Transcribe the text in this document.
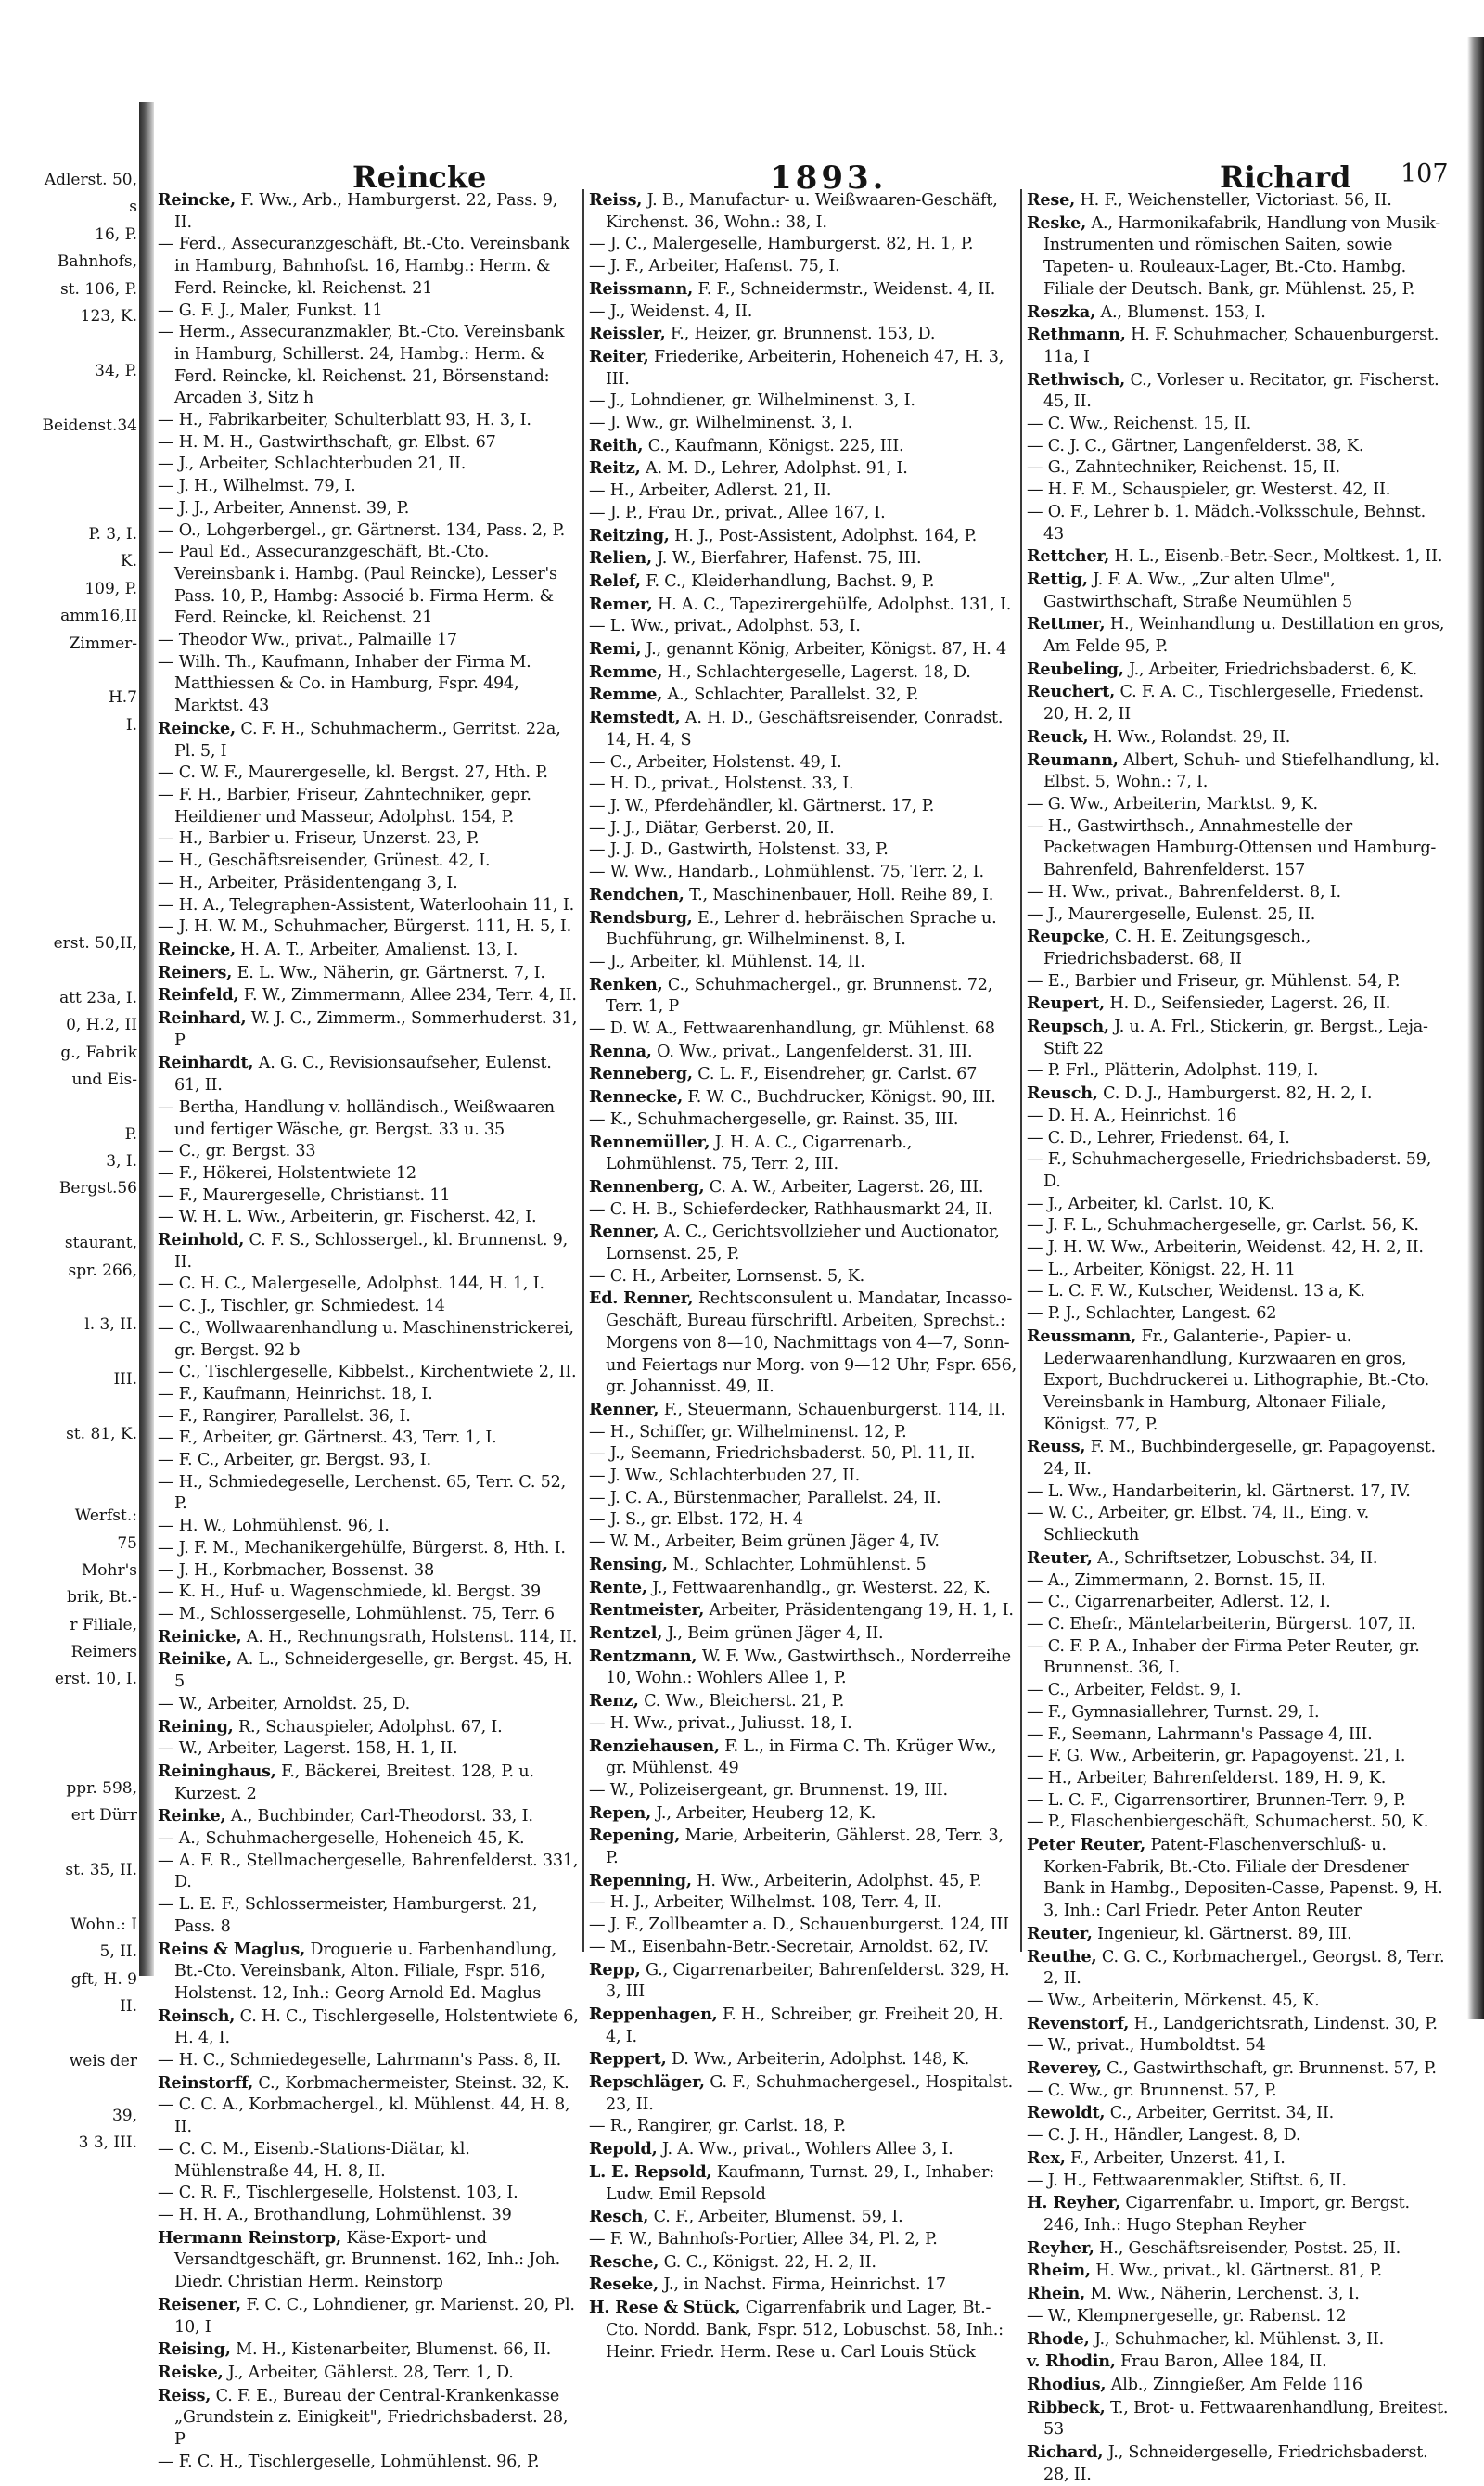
Adlerst. 50,
s
16, P.
Bahnhofs,
st. 106, P.
123, K.
34, P.
Beidenst.34
P. 3, I.
K.
109, P.
amm16,II
Zimmer-
H.7
I.
erst. 50,II,
att 23a, I.
0, H.2, II
g., Fabrik
und Eis-
P.
3, I.
Bergst.56
staurant,
spr. 266,
l. 3, II.
III.
st. 81, K.
Werfst.:
75
Mohr's
brik, Bt.-
r Filiale,
Reimers
erst. 10, I.
ppr. 598,
ert Dürr
st. 35, II.
Wohn.: I
5, II.
gft, H. 9
II.
weis der
39,
3 3, III.
Reincke	1893.	Richard 107
Reincke, F. Ww., Arb., Hamburgerst. 22, Pass. 9, II.
— Ferd., Assecuranzgeschäft, Bt.-Cto. Vereinsbank in Hamburg, Bahnhofst. 16, Hambg.: Herm. & Ferd. Reincke, kl. Reichenst. 21
— G. F. J., Maler, Funkst. 11
— Herm., Assecuranzmakler, Bt.-Cto. Vereinsbank in Hamburg, Schillerst. 24, Hambg.: Herm. & Ferd. Reincke, kl. Reichenst. 21, Börsenstand: Arcaden 3, Sitz h
— H., Fabrikarbeiter, Schulterblatt 93, H. 3, I.
— H. M. H., Gastwirthschaft, gr. Elbst. 67
— J., Arbeiter, Schlachterbuden 21, II.
— J. H., Wilhelmst. 79, I.
— J. J., Arbeiter, Annenst. 39, P.
— O., Lohgerbergel., gr. Gärtnerst. 134, Pass. 2, P.
— Paul Ed., Assecuranzgeschäft, Bt.-Cto. Vereinsbank i. Hambg. (Paul Reincke), Lesser's Pass. 10, P., Hambg: Associé b. Firma Herm. & Ferd. Reincke, kl. Reichenst. 21
— Theodor Ww., privat., Palmaille 17
— Wilh. Th., Kaufmann, Inhaber der Firma M. Matthiessen & Co. in Hamburg, Fspr. 494, Marktst. 43
Reincke, C. F. H., Schuhmacherm., Gerritst. 22a, Pl. 5, I
— C. W. F., Maurergeselle, kl. Bergst. 27, Hth. P.
— F. H., Barbier, Friseur, Zahntechniker, gepr. Heildiener und Masseur, Adolphst. 154, P.
— H., Barbier u. Friseur, Unzerst. 23, P.
— H., Geschäftsreisender, Grünest. 42, I.
— H., Arbeiter, Präsidentengang 3, I.
— H. A., Telegraphen-Assistent, Waterloohain 11, I.
— J. H. W. M., Schuhmacher, Bürgerst. 111, H. 5, I.
Reincke, H. A. T., Arbeiter, Amalienst. 13, I.
Reiners, E. L. Ww., Näherin, gr. Gärtnerst. 7, I.
Reinfeld, F. W., Zimmermann, Allee 234, Terr. 4, II.
Reinhard, W. J. C., Zimmerm., Sommerhuderst. 31, P
Reinhardt, A. G. C., Revisionsaufseher, Eulenst. 61, II.
— Bertha, Handlung v. holländisch., Weißwaaren und fertiger Wäsche, gr. Bergst. 33 u. 35
— C., gr. Bergst. 33
— F., Hökerei, Holstentwiete 12
— F., Maurergeselle, Christianst. 11
— W. H. L. Ww., Arbeiterin, gr. Fischerst. 42, I.
Reinhold, C. F. S., Schlossergel., kl. Brunnenst. 9, II.
— C. H. C., Malergeselle, Adolphst. 144, H. 1, I.
— C. J., Tischler, gr. Schmiedest. 14
— C., Wollwaarenhandlung u. Maschinenstrickerei, gr. Bergst. 92 b
— C., Tischlergeselle, Kibbelst., Kirchentwiete 2, II.
— F., Kaufmann, Heinrichst. 18, I.
— F., Rangirer, Parallelst. 36, I.
— F., Arbeiter, gr. Gärtnerst. 43, Terr. 1, I.
— F. C., Arbeiter, gr. Bergst. 93, I.
— H., Schmiedegeselle, Lerchenst. 65, Terr. C. 52, P.
— H. W., Lohmühlenst. 96, I.
— J. F. M., Mechanikergehülfe, Bürgerst. 8, Hth. I.
— J. H., Korbmacher, Bossenst. 38
— K. H., Huf- u. Wagenschmiede, kl. Bergst. 39
— M., Schlossergeselle, Lohmühlenst. 75, Terr. 6
Reinicke, A. H., Rechnungsrath, Holstenst. 114, II.
Reinike, A. L., Schneidergeselle, gr. Bergst. 45, H. 5
— W., Arbeiter, Arnoldst. 25, D.
Reining, R., Schauspieler, Adolphst. 67, I.
— W., Arbeiter, Lagerst. 158, H. 1, II.
Reininghaus, F., Bäckerei, Breitest. 128, P. u. Kurzest. 2
Reinke, A., Buchbinder, Carl-Theodorst. 33, I.
— A., Schuhmachergeselle, Hoheneich 45, K.
— A. F. R., Stellmachergeselle, Bahrenfelderst. 331, D.
— L. E. F., Schlossermeister, Hamburgerst. 21, Pass. 8
Reins & Maglus, Droguerie u. Farbenhandlung, Bt.-Cto. Vereinsbank, Alton. Filiale, Fspr. 516, Holstenst. 12, Inh.: Georg Arnold Ed. Maglus
Reinsch, C. H. C., Tischlergeselle, Holstentwiete 6, H. 4, I.
— H. C., Schmiedegeselle, Lahrmann's Pass. 8, II.
Reinstorff, C., Korbmachermeister, Steinst. 32, K.
— C. C. A., Korbmachergel., kl. Mühlenst. 44, H. 8, II.
— C. C. M., Eisenb.-Stations-Diätar, kl. Mühlenstraße 44, H. 8, II.
— C. R. F., Tischlergeselle, Holstenst. 103, I.
— H. H. A., Brothandlung, Lohmühlenst. 39
Hermann Reinstorp, Käse-Export- und Versandtgeschäft, gr. Brunnenst. 162, Inh.: Joh. Diedr. Christian Herm. Reinstorp
Reisener, F. C. C., Lohndiener, gr. Marienst. 20, Pl. 10, I
Reising, M. H., Kistenarbeiter, Blumenst. 66, II.
Reiske, J., Arbeiter, Gählerst. 28, Terr. 1, D.
Reiss, C. F. E., Bureau der Central-Krankenkasse „Grundstein z. Einigkeit", Friedrichsbaderst. 28, P
— F. C. H., Tischlergeselle, Lohmühlenst. 96, P.
Reiss, J. B., Manufactur- u. Weißwaaren-Geschäft, Kirchenst. 36, Wohn.: 38, I.
— J. C., Malergeselle, Hamburgerst. 82, H. 1, P.
— J. F., Arbeiter, Hafenst. 75, I.
Reissmann, F. F., Schneidermstr., Weidenst. 4, II.
— J., Weidenst. 4, II.
Reissler, F., Heizer, gr. Brunnenst. 153, D.
Reiter, Friederike, Arbeiterin, Hoheneich 47, H. 3, III.
— J., Lohndiener, gr. Wilhelminenst. 3, I.
— J. Ww., gr. Wilhelminenst. 3, I.
Reith, C., Kaufmann, Königst. 225, III.
Reitz, A. M. D., Lehrer, Adolphst. 91, I.
— H., Arbeiter, Adlerst. 21, II.
— J. P., Frau Dr., privat., Allee 167, I.
Reitzing, H. J., Post-Assistent, Adolphst. 164, P.
Relien, J. W., Bierfahrer, Hafenst. 75, III.
Relef, F. C., Kleiderhandlung, Bachst. 9, P.
Remer, H. A. C., Tapezirergehülfe, Adolphst. 131, I.
— L. Ww., privat., Adolphst. 53, I.
Remi, J., genannt König, Arbeiter, Königst. 87, H. 4
Remme, H., Schlachtergeselle, Lagerst. 18, D.
Remme, A., Schlachter, Parallelst. 32, P.
Remstedt, A. H. D., Geschäftsreisender, Conradst. 14, H. 4, S
— C., Arbeiter, Holstenst. 49, I.
— H. D., privat., Holstenst. 33, I.
— J. W., Pferdehändler, kl. Gärtnerst. 17, P.
— J. J., Diätar, Gerberst. 20, II.
— J. J. D., Gastwirth, Holstenst. 33, P.
— W. Ww., Handarb., Lohmühlenst. 75, Terr. 2, I.
Rendchen, T., Maschinenbauer, Holl. Reihe 89, I.
Rendsburg, E., Lehrer d. hebräischen Sprache u. Buchführung, gr. Wilhelminenst. 8, I.
— J., Arbeiter, kl. Mühlenst. 14, II.
Renken, C., Schuhmachergel., gr. Brunnenst. 72, Terr. 1, P
— D. W. A., Fettwaarenhandlung, gr. Mühlenst. 68
Renna, O. Ww., privat., Langenfelderst. 31, III.
Renneberg, C. L. F., Eisendreher, gr. Carlst. 67
Rennecke, F. W. C., Buchdrucker, Königst. 90, III.
— K., Schuhmachergeselle, gr. Rainst. 35, III.
Rennemüller, J. H. A. C., Cigarrenarb., Lohmühlenst. 75, Terr. 2, III.
Rennenberg, C. A. W., Arbeiter, Lagerst. 26, III.
— C. H. B., Schieferdecker, Rathhausmarkt 24, II.
Renner, A. C., Gerichtsvollzieher und Auctionator, Lornsenst. 25, P.
— C. H., Arbeiter, Lornsenst. 5, K.
Ed. Renner, Rechtsconsulent u. Mandatar, Incasso-Geschäft, Bureau fürschriftl. Arbeiten, Sprechst.: Morgens von 8—10, Nachmittags von 4—7, Sonn- und Feiertags nur Morg. von 9—12 Uhr, Fspr. 656, gr. Johannisst. 49, II.
Renner, F., Steuermann, Schauenburgerst. 114, II.
— H., Schiffer, gr. Wilhelminenst. 12, P.
— J., Seemann, Friedrichsbaderst. 50, Pl. 11, II.
— J. Ww., Schlachterbuden 27, II.
— J. C. A., Bürstenmacher, Parallelst. 24, II.
— J. S., gr. Elbst. 172, H. 4
— W. M., Arbeiter, Beim grünen Jäger 4, IV.
Rensing, M., Schlachter, Lohmühlenst. 5
Rente, J., Fettwaarenhandlg., gr. Westerst. 22, K.
Rentmeister, Arbeiter, Präsidentengang 19, H. 1, I.
Rentzel, J., Beim grünen Jäger 4, II.
Rentzmann, W. F. Ww., Gastwirthsch., Norderreihe 10, Wohn.: Wohlers Allee 1, P.
Renz, C. Ww., Bleicherst. 21, P.
— H. Ww., privat., Juliusst. 18, I.
Renziehausen, F. L., in Firma C. Th. Krüger Ww., gr. Mühlenst. 49
— W., Polizeisergeant, gr. Brunnenst. 19, III.
Repen, J., Arbeiter, Heuberg 12, K.
Repening, Marie, Arbeiterin, Gählerst. 28, Terr. 3, P.
Repenning, H. Ww., Arbeiterin, Adolphst. 45, P.
— H. J., Arbeiter, Wilhelmst. 108, Terr. 4, II.
— J. F., Zollbeamter a. D., Schauenburgerst. 124, III
— M., Eisenbahn-Betr.-Secretair, Arnoldst. 62, IV.
Repp, G., Cigarrenarbeiter, Bahrenfelderst. 329, H. 3, III
Reppenhagen, F. H., Schreiber, gr. Freiheit 20, H. 4, I.
Reppert, D. Ww., Arbeiterin, Adolphst. 148, K.
Repschläger, G. F., Schuhmachergesel., Hospitalst. 23, II.
— R., Rangirer, gr. Carlst. 18, P.
Repold, J. A. Ww., privat., Wohlers Allee 3, I.
L. E. Repsold, Kaufmann, Turnst. 29, I., Inhaber: Ludw. Emil Repsold
Resch, C. F., Arbeiter, Blumenst. 59, I.
— F. W., Bahnhofs-Portier, Allee 34, Pl. 2, P.
Resche, G. C., Königst. 22, H. 2, II.
Reseke, J., in Nachst. Firma, Heinrichst. 17
H. Rese & Stück, Cigarrenfabrik und Lager, Bt.-Cto. Nordd. Bank, Fspr. 512, Lobuschst. 58, Inh.: Heinr. Friedr. Herm. Rese u. Carl Louis Stück
Rese, H. F., Weichensteller, Victoriast. 56, II.
Reske, A., Harmonikafabrik, Handlung von Musik-Instrumenten und römischen Saiten, sowie Tapeten- u. Rouleaux-Lager, Bt.-Cto. Hambg. Filiale der Deutsch. Bank, gr. Mühlenst. 25, P.
Reszka, A., Blumenst. 153, I.
Rethmann, H. F. Schuhmacher, Schauenburgerst. 11a, I
Rethwisch, C., Vorleser u. Recitator, gr. Fischerst. 45, II.
— C. Ww., Reichenst. 15, II.
— C. J. C., Gärtner, Langenfelderst. 38, K.
— G., Zahntechniker, Reichenst. 15, II.
— H. F. M., Schauspieler, gr. Westerst. 42, II.
— O. F., Lehrer b. 1. Mädch.-Volksschule, Behnst. 43
Rettcher, H. L., Eisenb.-Betr.-Secr., Moltkest. 1, II.
Rettig, J. F. A. Ww., „Zur alten Ulme", Gastwirthschaft, Straße Neumühlen 5
Rettmer, H., Weinhandlung u. Destillation en gros, Am Felde 95, P.
Reubeling, J., Arbeiter, Friedrichsbaderst. 6, K.
Reuchert, C. F. A. C., Tischlergeselle, Friedenst. 20, H. 2, II
Reuck, H. Ww., Rolandst. 29, II.
Reumann, Albert, Schuh- und Stiefelhandlung, kl. Elbst. 5, Wohn.: 7, I.
— G. Ww., Arbeiterin, Marktst. 9, K.
— H., Gastwirthsch., Annahmestelle der Packetwagen Hamburg-Ottensen und Hamburg-Bahrenfeld, Bahrenfelderst. 157
— H. Ww., privat., Bahrenfelderst. 8, I.
— J., Maurergeselle, Eulenst. 25, II.
Reupcke, C. H. E. Zeitungsgesch., Friedrichsbaderst. 68, II
— E., Barbier und Friseur, gr. Mühlenst. 54, P.
Reupert, H. D., Seifensieder, Lagerst. 26, II.
Reupsch, J. u. A. Frl., Stickerin, gr. Bergst., Leja-Stift 22
— P. Frl., Plätterin, Adolphst. 119, I.
Reusch, C. D. J., Hamburgerst. 82, H. 2, I.
— D. H. A., Heinrichst. 16
— C. D., Lehrer, Friedenst. 64, I.
— F., Schuhmachergeselle, Friedrichsbaderst. 59, D.
— J., Arbeiter, kl. Carlst. 10, K.
— J. F. L., Schuhmachergeselle, gr. Carlst. 56, K.
— J. H. W. Ww., Arbeiterin, Weidenst. 42, H. 2, II.
— L., Arbeiter, Königst. 22, H. 11
— L. C. F. W., Kutscher, Weidenst. 13 a, K.
— P. J., Schlachter, Langest. 62
Reussmann, Fr., Galanterie-, Papier- u. Lederwaarenhandlung, Kurzwaaren en gros, Export, Buchdruckerei u. Lithographie, Bt.-Cto. Vereinsbank in Hamburg, Altonaer Filiale, Königst. 77, P.
Reuss, F. M., Buchbindergeselle, gr. Papagoyenst. 24, II.
— L. Ww., Handarbeiterin, kl. Gärtnerst. 17, IV.
— W. C., Arbeiter, gr. Elbst. 74, II., Eing. v. Schlieckuth
Reuter, A., Schriftsetzer, Lobuschst. 34, II.
— A., Zimmermann, 2. Bornst. 15, II.
— C., Cigarrenarbeiter, Adlerst. 12, I.
— C. Ehefr., Mäntelarbeiterin, Bürgerst. 107, II.
— C. F. P. A., Inhaber der Firma Peter Reuter, gr. Brunnenst. 36, I.
— C., Arbeiter, Feldst. 9, I.
— F., Gymnasiallehrer, Turnst. 29, I.
— F., Seemann, Lahrmann's Passage 4, III.
— F. G. Ww., Arbeiterin, gr. Papagoyenst. 21, I.
— H., Arbeiter, Bahrenfelderst. 189, H. 9, K.
— L. C. F., Cigarrensortirer, Brunnen-Terr. 9, P.
— P., Flaschenbiergeschäft, Schumacherst. 50, K.
Peter Reuter, Patent-Flaschenverschluß- u. Korken-Fabrik, Bt.-Cto. Filiale der Dresdener Bank in Hambg., Depositen-Casse, Papenst. 9, H. 3, Inh.: Carl Friedr. Peter Anton Reuter
Reuter, Ingenieur, kl. Gärtnerst. 89, III.
Reuthe, C. G. C., Korbmachergel., Georgst. 8, Terr. 2, II.
— Ww., Arbeiterin, Mörkenst. 45, K.
Revenstorf, H., Landgerichtsrath, Lindenst. 30, P.
— W., privat., Humboldtst. 54
Reverey, C., Gastwirthschaft, gr. Brunnenst. 57, P.
— C. Ww., gr. Brunnenst. 57, P.
Rewoldt, C., Arbeiter, Gerritst. 34, II.
— C. J. H., Händler, Langest. 8, D.
Rex, F., Arbeiter, Unzerst. 41, I.
— J. H., Fettwaarenmakler, Stiftst. 6, II.
H. Reyher, Cigarrenfabr. u. Import, gr. Bergst. 246, Inh.: Hugo Stephan Reyher
Reyher, H., Geschäftsreisender, Postst. 25, II.
Rheim, H. Ww., privat., kl. Gärtnerst. 81, P.
Rhein, M. Ww., Näherin, Lerchenst. 3, I.
— W., Klempnergeselle, gr. Rabenst. 12
Rhode, J., Schuhmacher, kl. Mühlenst. 3, II.
v. Rhodin, Frau Baron, Allee 184, II.
Rhodius, Alb., Zinngießer, Am Felde 116
Ribbeck, T., Brot- u. Fettwaarenhandlung, Breitest. 53
Richard, J., Schneidergeselle, Friedrichsbaderst. 28, II.
